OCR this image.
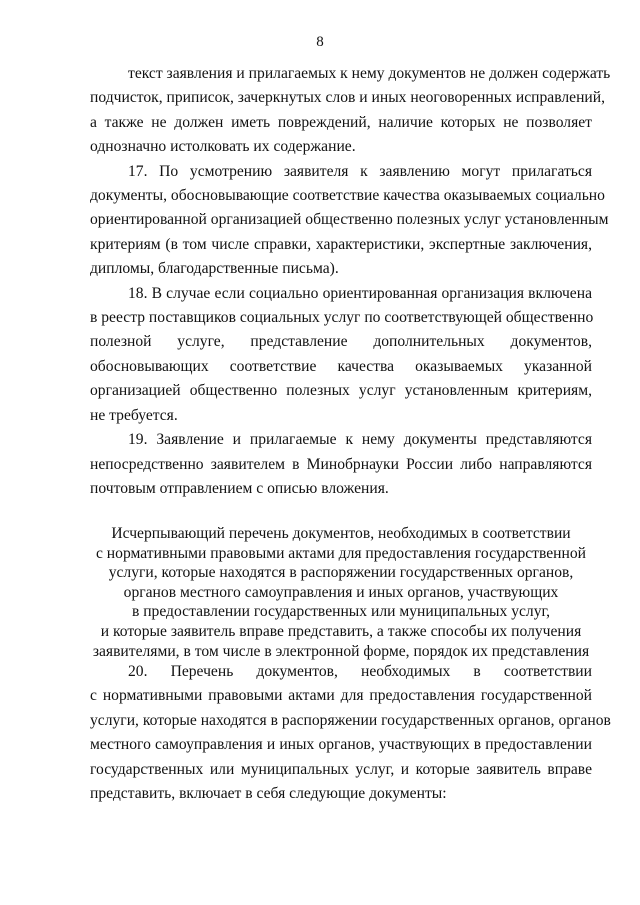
8
текст заявления и прилагаемых к нему документов не должен содержать
подчисток, приписок, зачеркнутых слов и иных неоговоренных исправлений,
а также не должен иметь повреждений, наличие которых не позволяет
однозначно истолковать их содержание.
17. По усмотрению заявителя к заявлению могут прилагаться
документы, обосновывающие соответствие качества оказываемых социально
ориентированной организацией общественно полезных услуг установленным
критериям (в том числе справки, характеристики, экспертные заключения,
дипломы, благодарственные письма).
18. В случае если социально ориентированная организация включена
в реестр поставщиков социальных услуг по соответствующей общественно
полезной услуге, представление дополнительных документов,
обосновывающих соответствие качества оказываемых указанной
организацией общественно полезных услуг установленным критериям,
не требуется.
19. Заявление и прилагаемые к нему документы представляются
непосредственно заявителем в Минобрнауки России либо направляются
почтовым отправлением с описью вложения.
Исчерпывающий перечень документов, необходимых в соответствии
с нормативными правовыми актами для предоставления государственной
услуги, которые находятся в распоряжении государственных органов,
органов местного самоуправления и иных органов, участвующих
в предоставлении государственных или муниципальных услуг,
и которые заявитель вправе представить, а также способы их получения
заявителями, в том числе в электронной форме, порядок их представления
20. Перечень документов, необходимых в соответствии
с нормативными правовыми актами для предоставления государственной
услуги, которые находятся в распоряжении государственных органов, органов
местного самоуправления и иных органов, участвующих в предоставлении
государственных или муниципальных услуг, и которые заявитель вправе
представить, включает в себя следующие документы:
